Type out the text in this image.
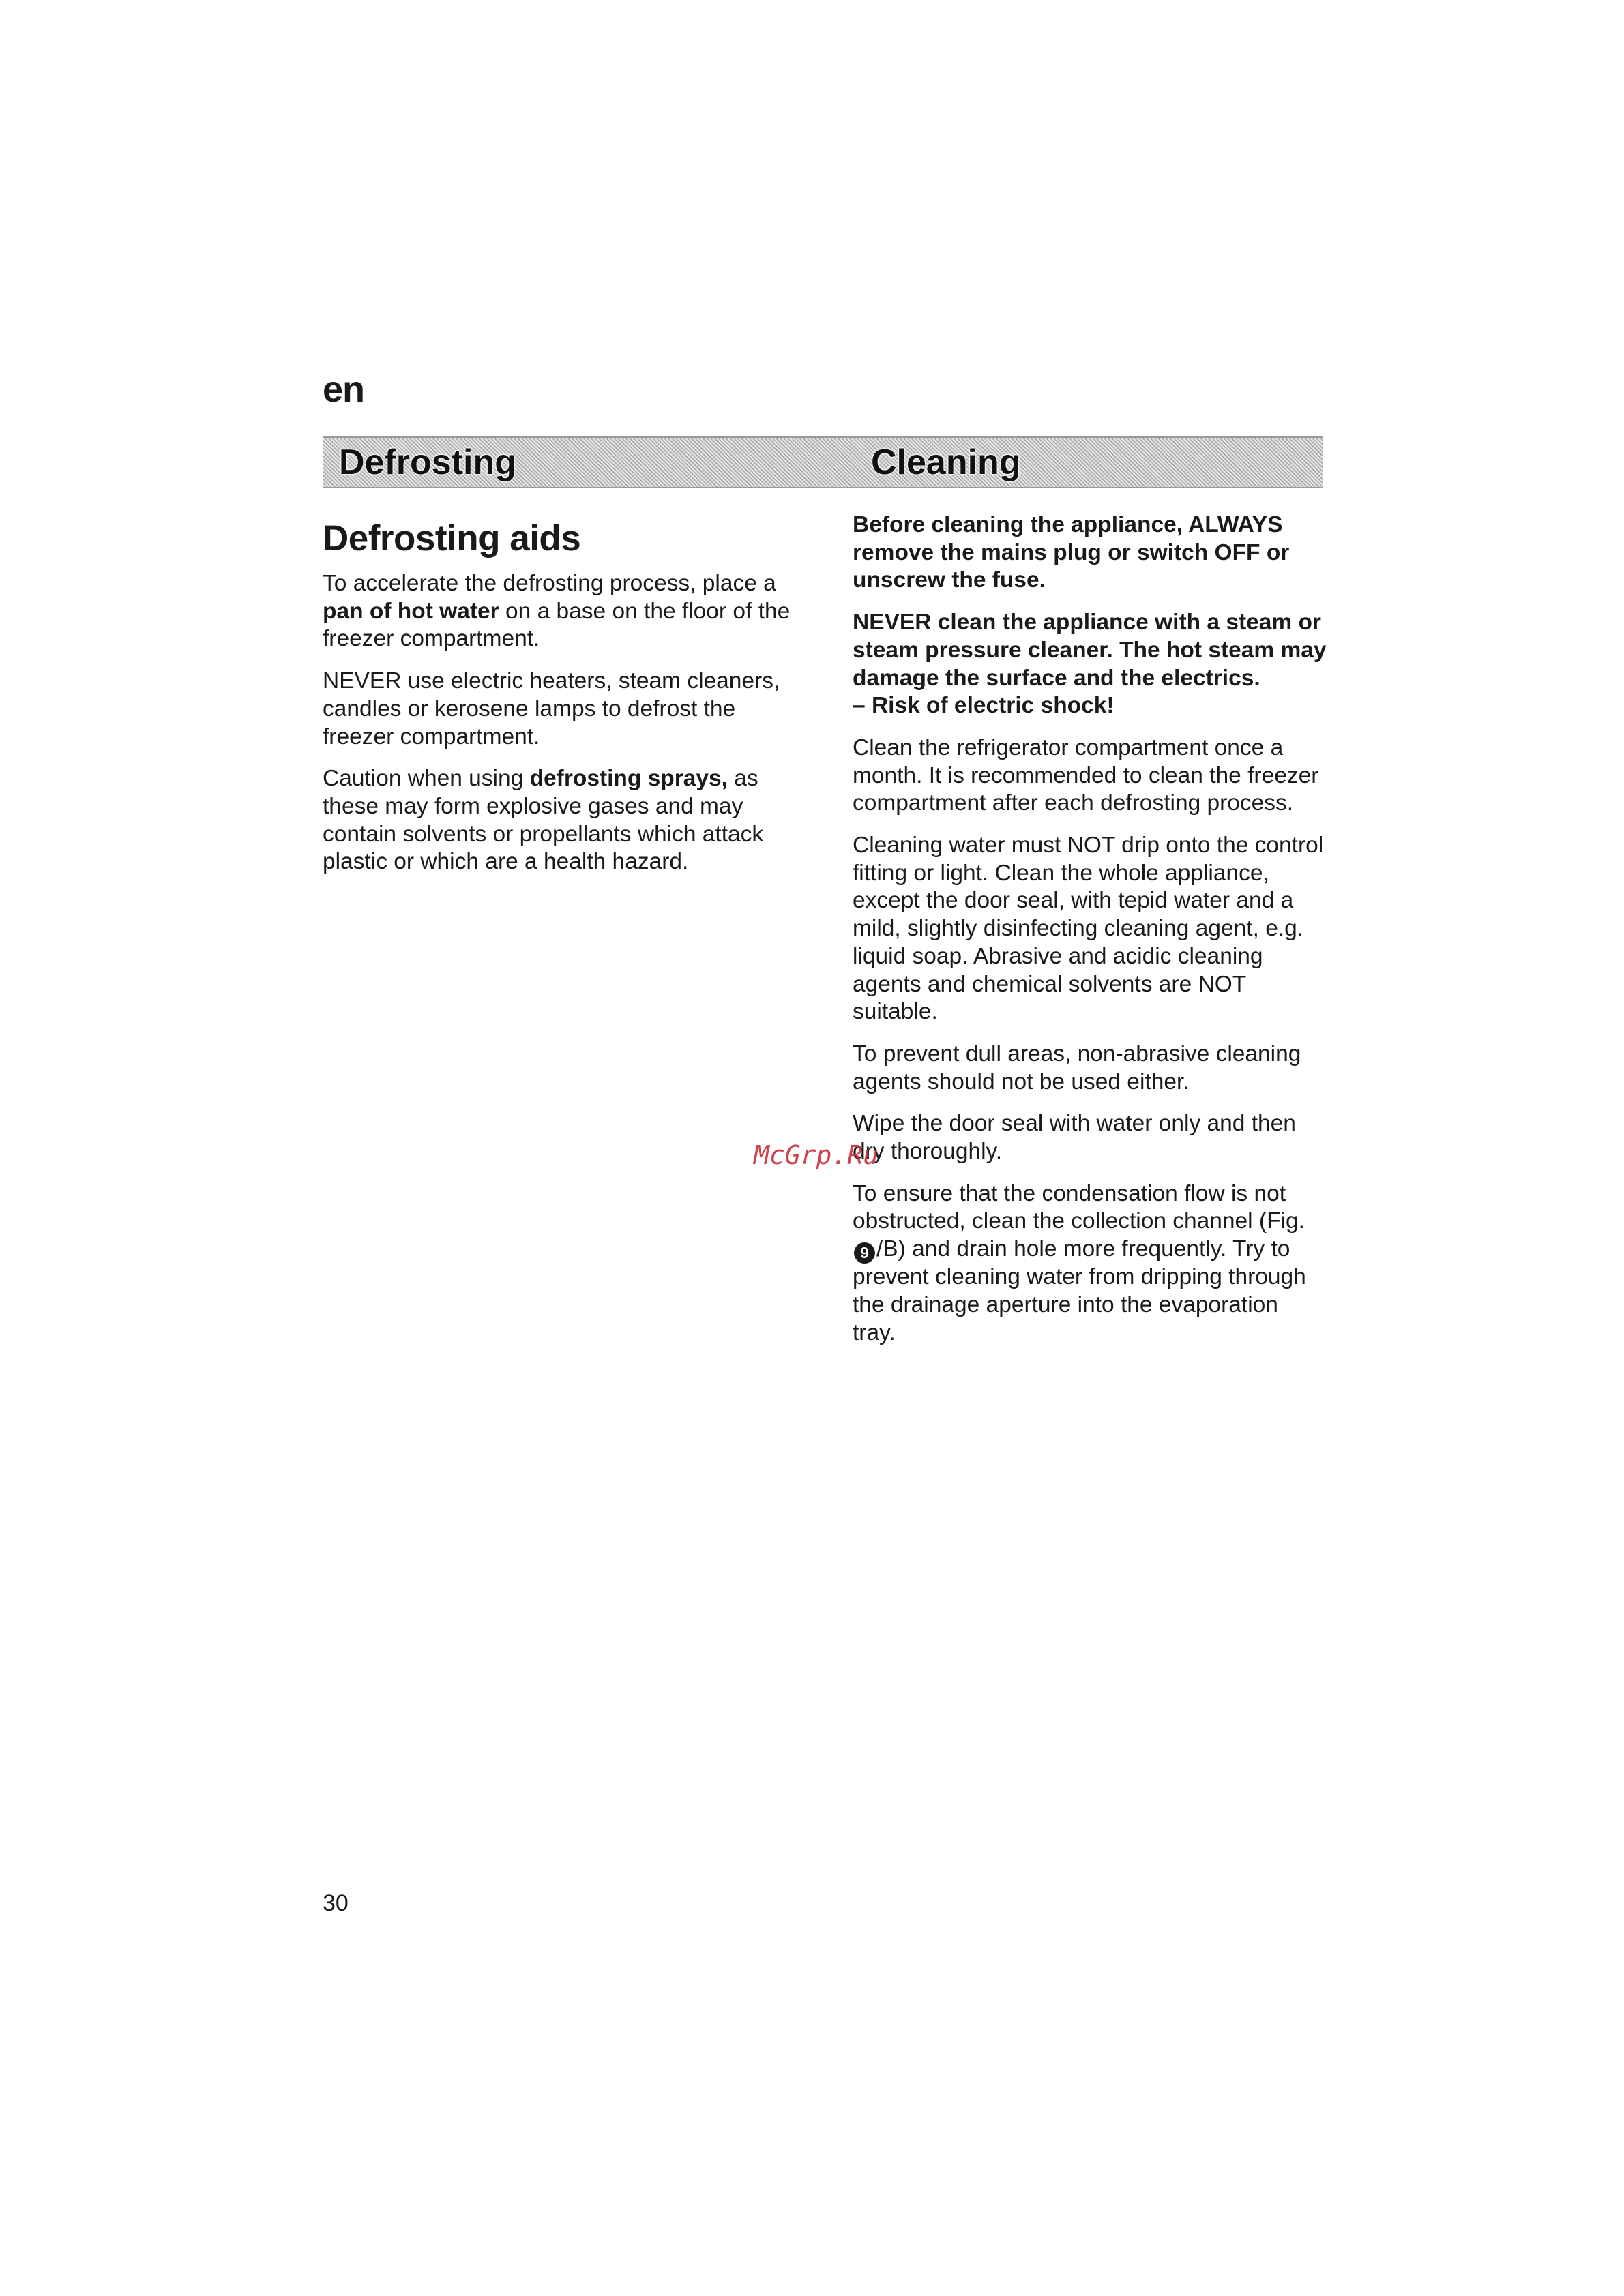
en
Defrosting	Cleaning
Defrosting aids

To accelerate the defrosting process, place a pan of hot water on a base on the floor of the freezer compartment.

NEVER use electric heaters, steam cleaners, candles or kerosene lamps to defrost the freezer compartment.

Caution when using defrosting sprays, as these may form explosive gases and may contain solvents or propellants which attack plastic or which are a health hazard.

Before cleaning the appliance, ALWAYS remove the mains plug or switch OFF or unscrew the fuse.

NEVER clean the appliance with a steam or steam pressure cleaner. The hot steam may damage the surface and the electrics.
– Risk of electric shock!

Clean the refrigerator compartment once a month. It is recommended to clean the freezer compartment after each defrosting process.

Cleaning water must NOT drip onto the control fitting or light. Clean the whole appliance, except the door seal, with tepid water and a mild, slightly disinfecting cleaning agent, e.g. liquid soap. Abrasive and acidic cleaning agents and chemical solvents are NOT suitable.

To prevent dull areas, non-abrasive cleaning agents should not be used either.

Wipe the door seal with water only and then dry thoroughly.

To ensure that the condensation flow is not obstructed, clean the collection channel (Fig. 9 /B) and drain hole more frequently. Try to prevent cleaning water from dripping through the drainage aperture into the evaporation tray.

McGrp.Ru
30
